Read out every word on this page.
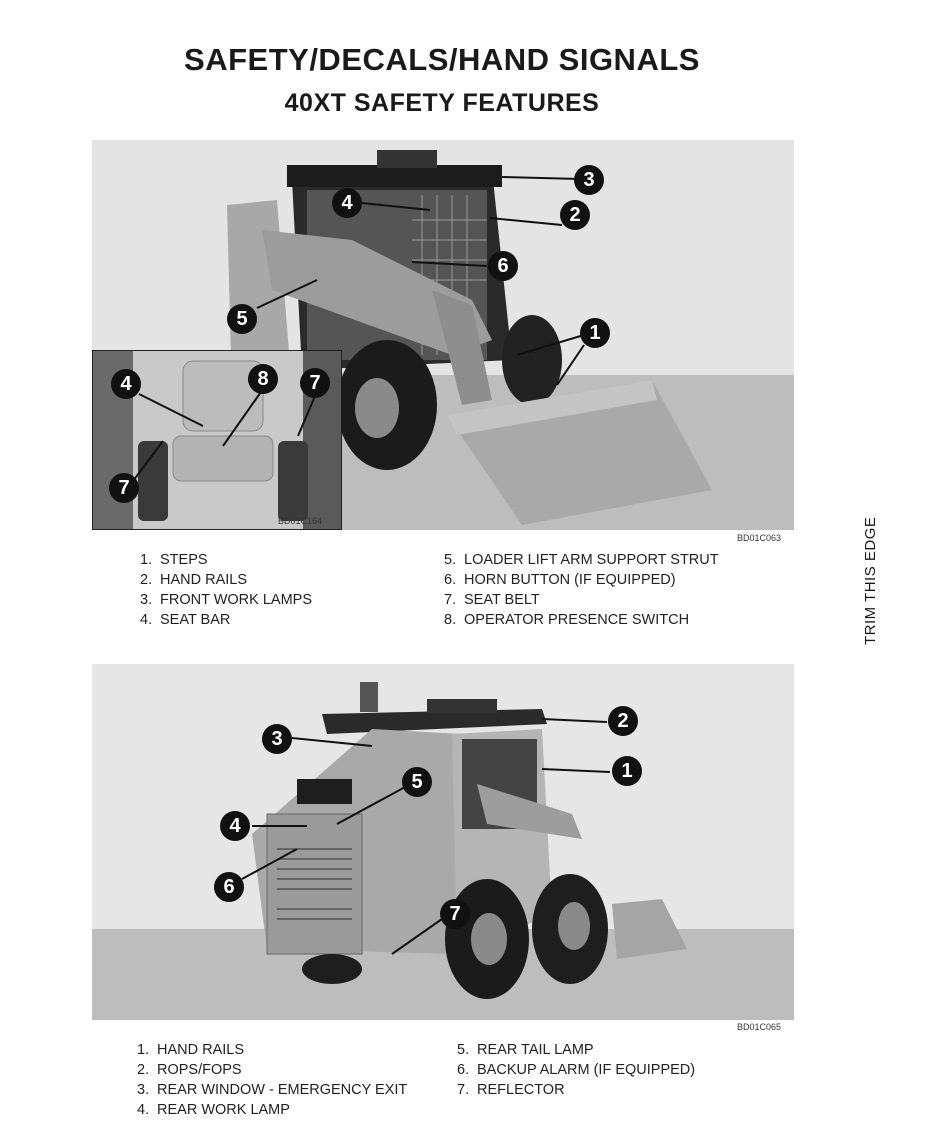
SAFETY/DECALS/HAND SIGNALS
40XT SAFETY FEATURES
3
2
4
6
5
1
BD01C063
4	8	7
7
BD01C164
1. STEPS
2. HAND RAILS
3. FRONT WORK LAMPS
4. SEAT BAR
5. LOADER LIFT ARM SUPPORT STRUT
6. HORN BUTTON (IF EQUIPPED)
7. SEAT BELT
8. OPERATOR PRESENCE SWITCH
2
3
1
5
4
6
7
BD01C065
1. HAND RAILS
2. ROPS/FOPS
3. REAR WINDOW - EMERGENCY EXIT
4. REAR WORK LAMP
5. REAR TAIL LAMP
6. BACKUP ALARM (IF EQUIPPED)
7. REFLECTOR
TRIM THIS EDGE
